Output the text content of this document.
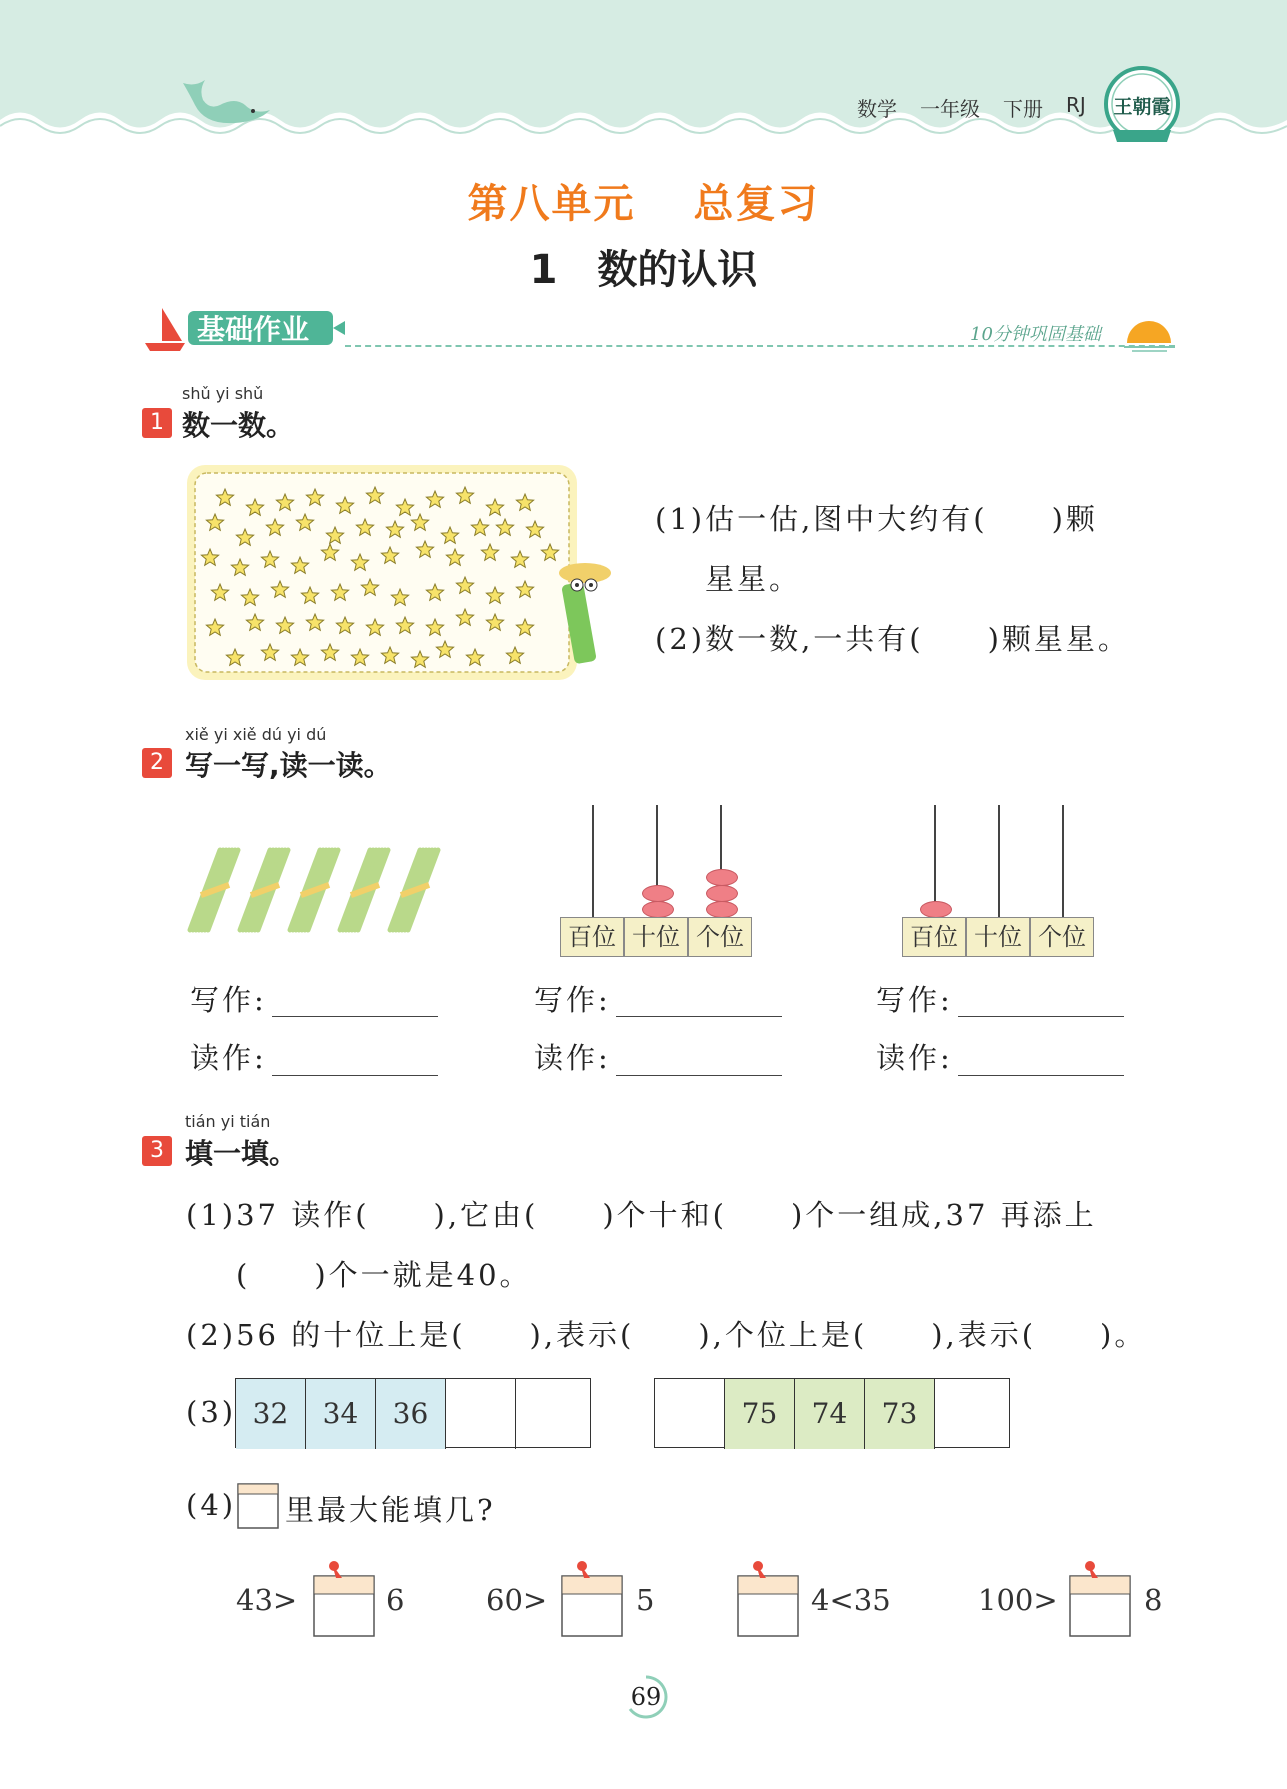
数学 一年级 下册 RJ	王朝霞
第八单元　 总复习
1　数的认识
基础作业	10分钟巩固基础
shǔ yi shǔ
1 数一数。
(1)估一估,图中大约有(　　)颗
星星。
(2)数一数,一共有(　　)颗星星。
xiě yi xiě dú yi dú
2 写一写,读一读。
百位 十位 个位	百位 十位 个位
写作:
读作:
写作:
读作:
写作:
读作:
tián yi tián
3 填一填。
(1)37 读作(　　),它由(　　)个十和(　　)个一组成,37 再添上
(　　)个一就是40。
(2)56 的十位上是(　　),表示(　　),个位上是(　　),表示(　　)。
(3) 32	34	36	75	74	73
(4) 里最大能填几?
43>	6	60>	5	4<35	100>	8
69
